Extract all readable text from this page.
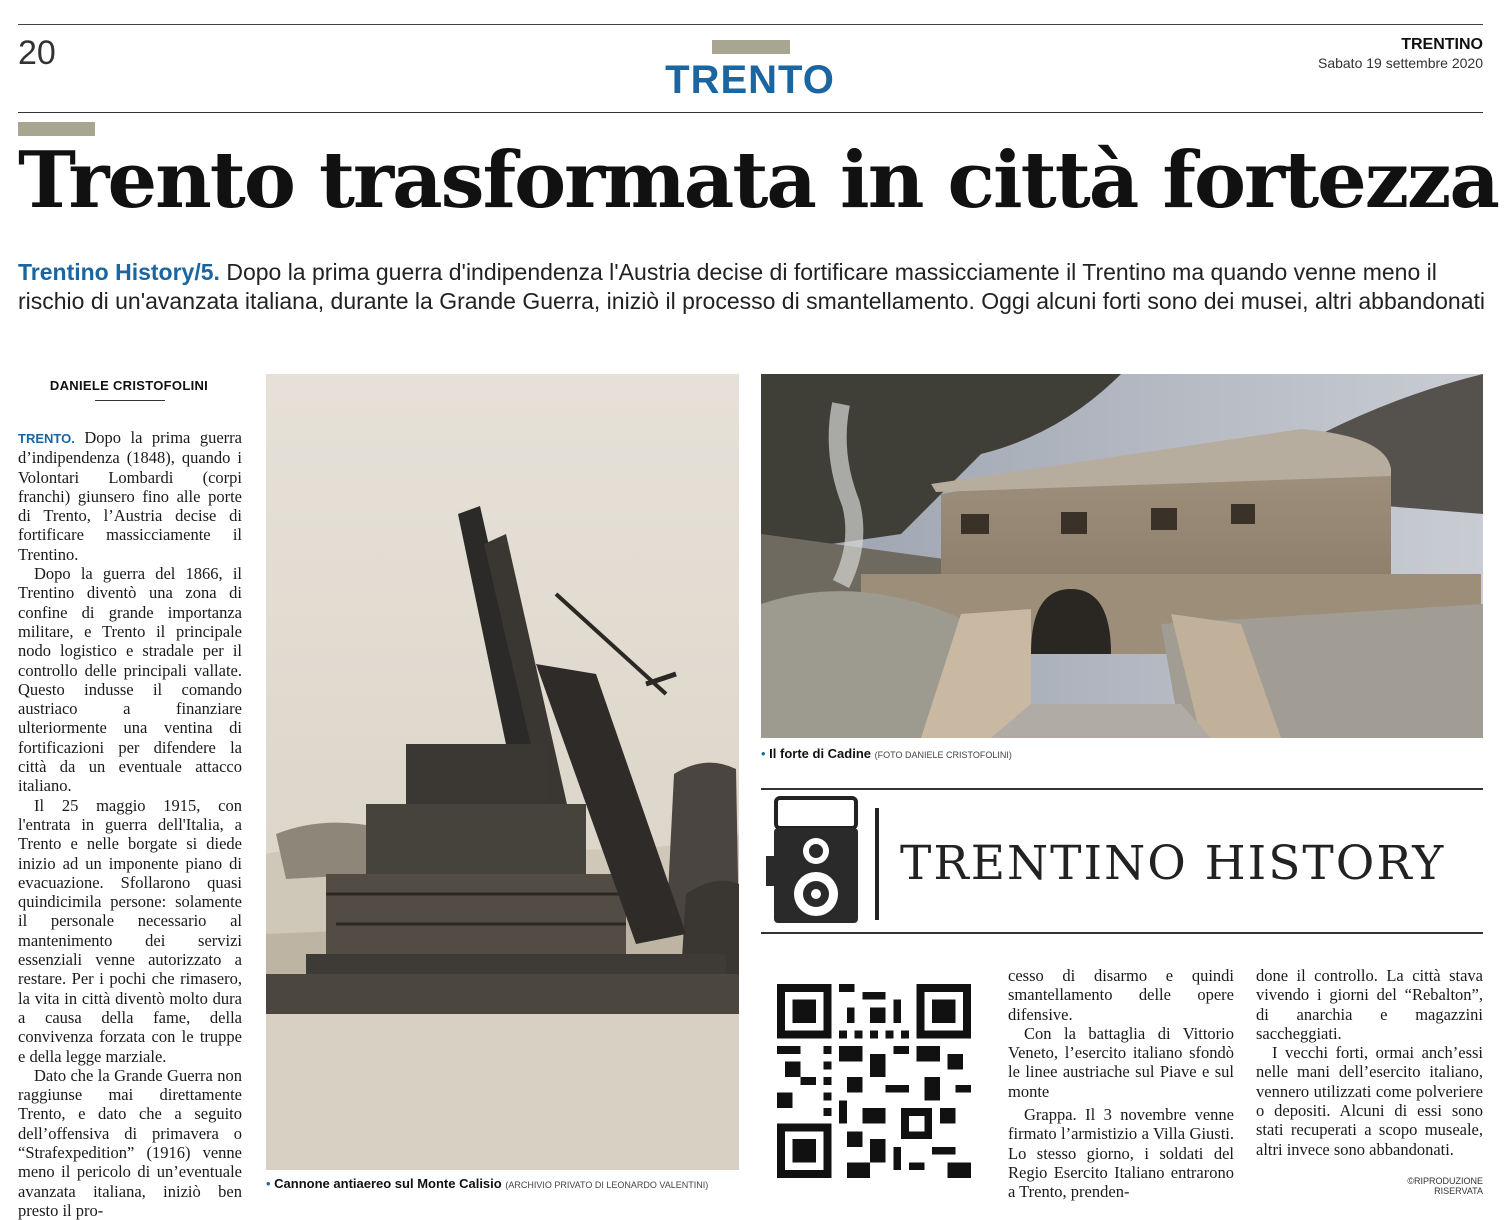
20
TRENTO
TRENTINO
Sabato 19 settembre 2020
Trento trasformata in città fortezza
Trentino History/5. Dopo la prima guerra d'indipendenza l'Austria decise di fortificare massicciamente il Trentino ma quando venne meno il rischio di un'avanzata italiana, durante la Grande Guerra, iniziò il processo di smantellamento. Oggi alcuni forti sono dei musei, altri abbandonati
DANIELE CRISTOFOLINI

TRENTO. Dopo la prima guerra d’indipendenza (1848), quando i Volontari Lombardi (corpi franchi) giunsero fino alle porte di Trento, l’Austria decise di fortificare massicciamente il Trentino.

Dopo la guerra del 1866, il Trentino diventò una zona di confine di grande importanza militare, e Trento il principale nodo logistico e stradale per il controllo delle principali vallate. Questo indusse il comando austriaco a finanziare ulteriormente una ventina di fortificazioni per difendere la città da un eventuale attacco italiano.

Il 25 maggio 1915, con l'entrata in guerra dell'Italia, a Trento e nelle borgate si diede inizio ad un imponente piano di evacuazione. Sfollarono quasi quindicimila persone: solamente il personale necessario al mantenimento dei servizi essenziali venne autorizzato a restare. Per i pochi che rimasero, la vita in città diventò molto dura a causa della fame, della convivenza forzata con le truppe e della legge marziale.

Dato che la Grande Guerra non raggiunse mai direttamente Trento, e dato che a seguito dell’offensiva di primavera o “Strafexpedition” (1916) venne meno il pericolo di un’eventuale avanzata italiana, iniziò ben presto il pro-

• Cannone antiaereo sul Monte Calisio (ARCHIVIO PRIVATO DI LEONARDO VALENTINI)
• Il forte di Cadine (FOTO DANIELE CRISTOFOLINI)
TRENTINO HISTORY

cesso di disarmo e quindi smantellamento delle opere difensive.

Con la battaglia di Vittorio Veneto, l’esercito italiano sfondò le linee austriache sul Piave e sul monte

Grappa. Il 3 novembre venne firmato l’armistizio a Villa Giusti. Lo stesso giorno, i soldati del Regio Esercito Italiano entrarono a Trento, prenden-

done il controllo. La città stava vivendo i giorni del “Rebalton”, di anarchia e magazzini saccheggiati.

I vecchi forti, ormai anch’essi nelle mani dell’esercito italiano, vennero utilizzati come polveriere o depositi. Alcuni di essi sono stati recuperati a scopo museale, altri invece sono abbandonati.

©RIPRODUZIONE RISERVATA
